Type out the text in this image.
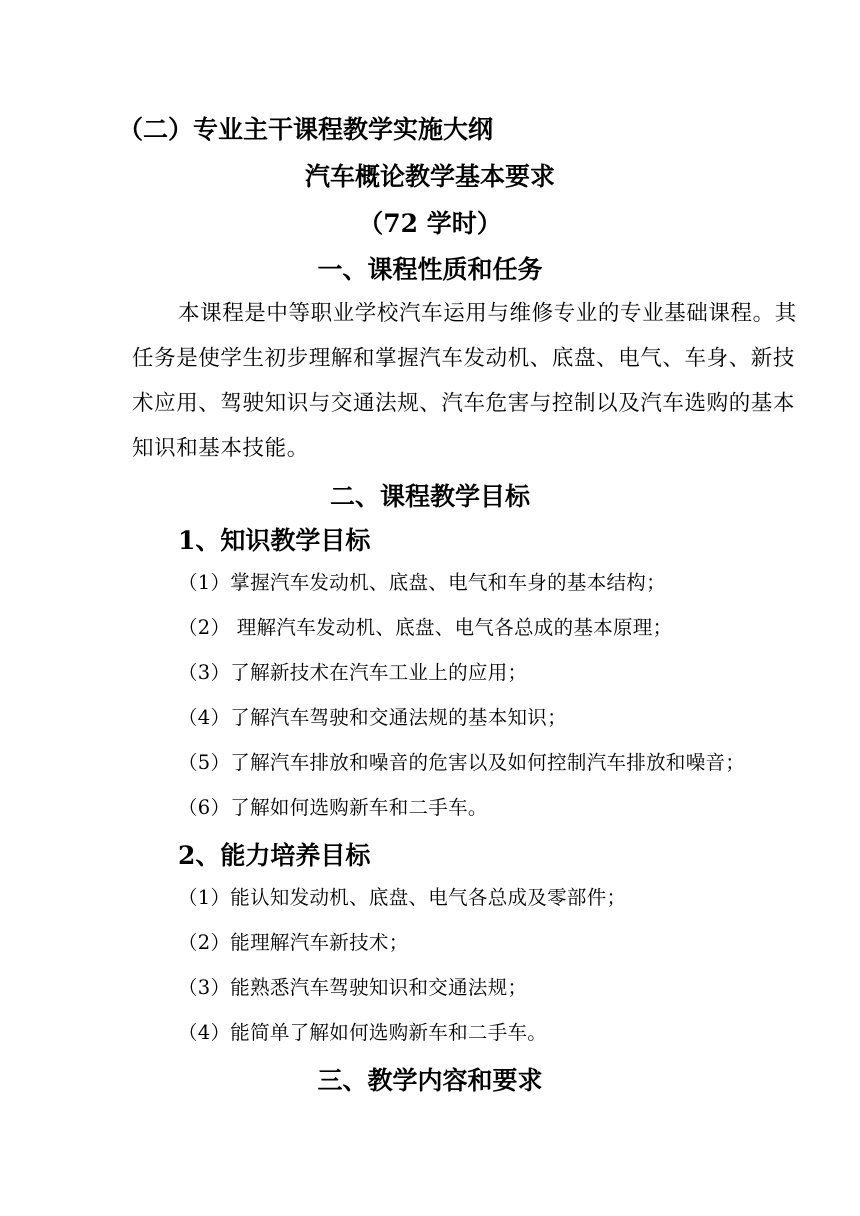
（二）专业主干课程教学实施大纲
汽车概论教学基本要求
（72 学时）
一、课程性质和任务
本课程是中等职业学校汽车运用与维修专业的专业基础课程。其
任务是使学生初步理解和掌握汽车发动机、底盘、电气、车身、新技
术应用、驾驶知识与交通法规、汽车危害与控制以及汽车选购的基本
知识和基本技能。
二、课程教学目标
1、知识教学目标
（1）掌握汽车发动机、底盘、电气和车身的基本结构；
（2） 理解汽车发动机、底盘、电气各总成的基本原理；
（3）了解新技术在汽车工业上的应用；
（4）了解汽车驾驶和交通法规的基本知识；
（5）了解汽车排放和噪音的危害以及如何控制汽车排放和噪音；
（6）了解如何选购新车和二手车。
2、能力培养目标
（1）能认知发动机、底盘、电气各总成及零部件；
（2）能理解汽车新技术；
（3）能熟悉汽车驾驶知识和交通法规；
（4）能简单了解如何选购新车和二手车。
三、教学内容和要求
